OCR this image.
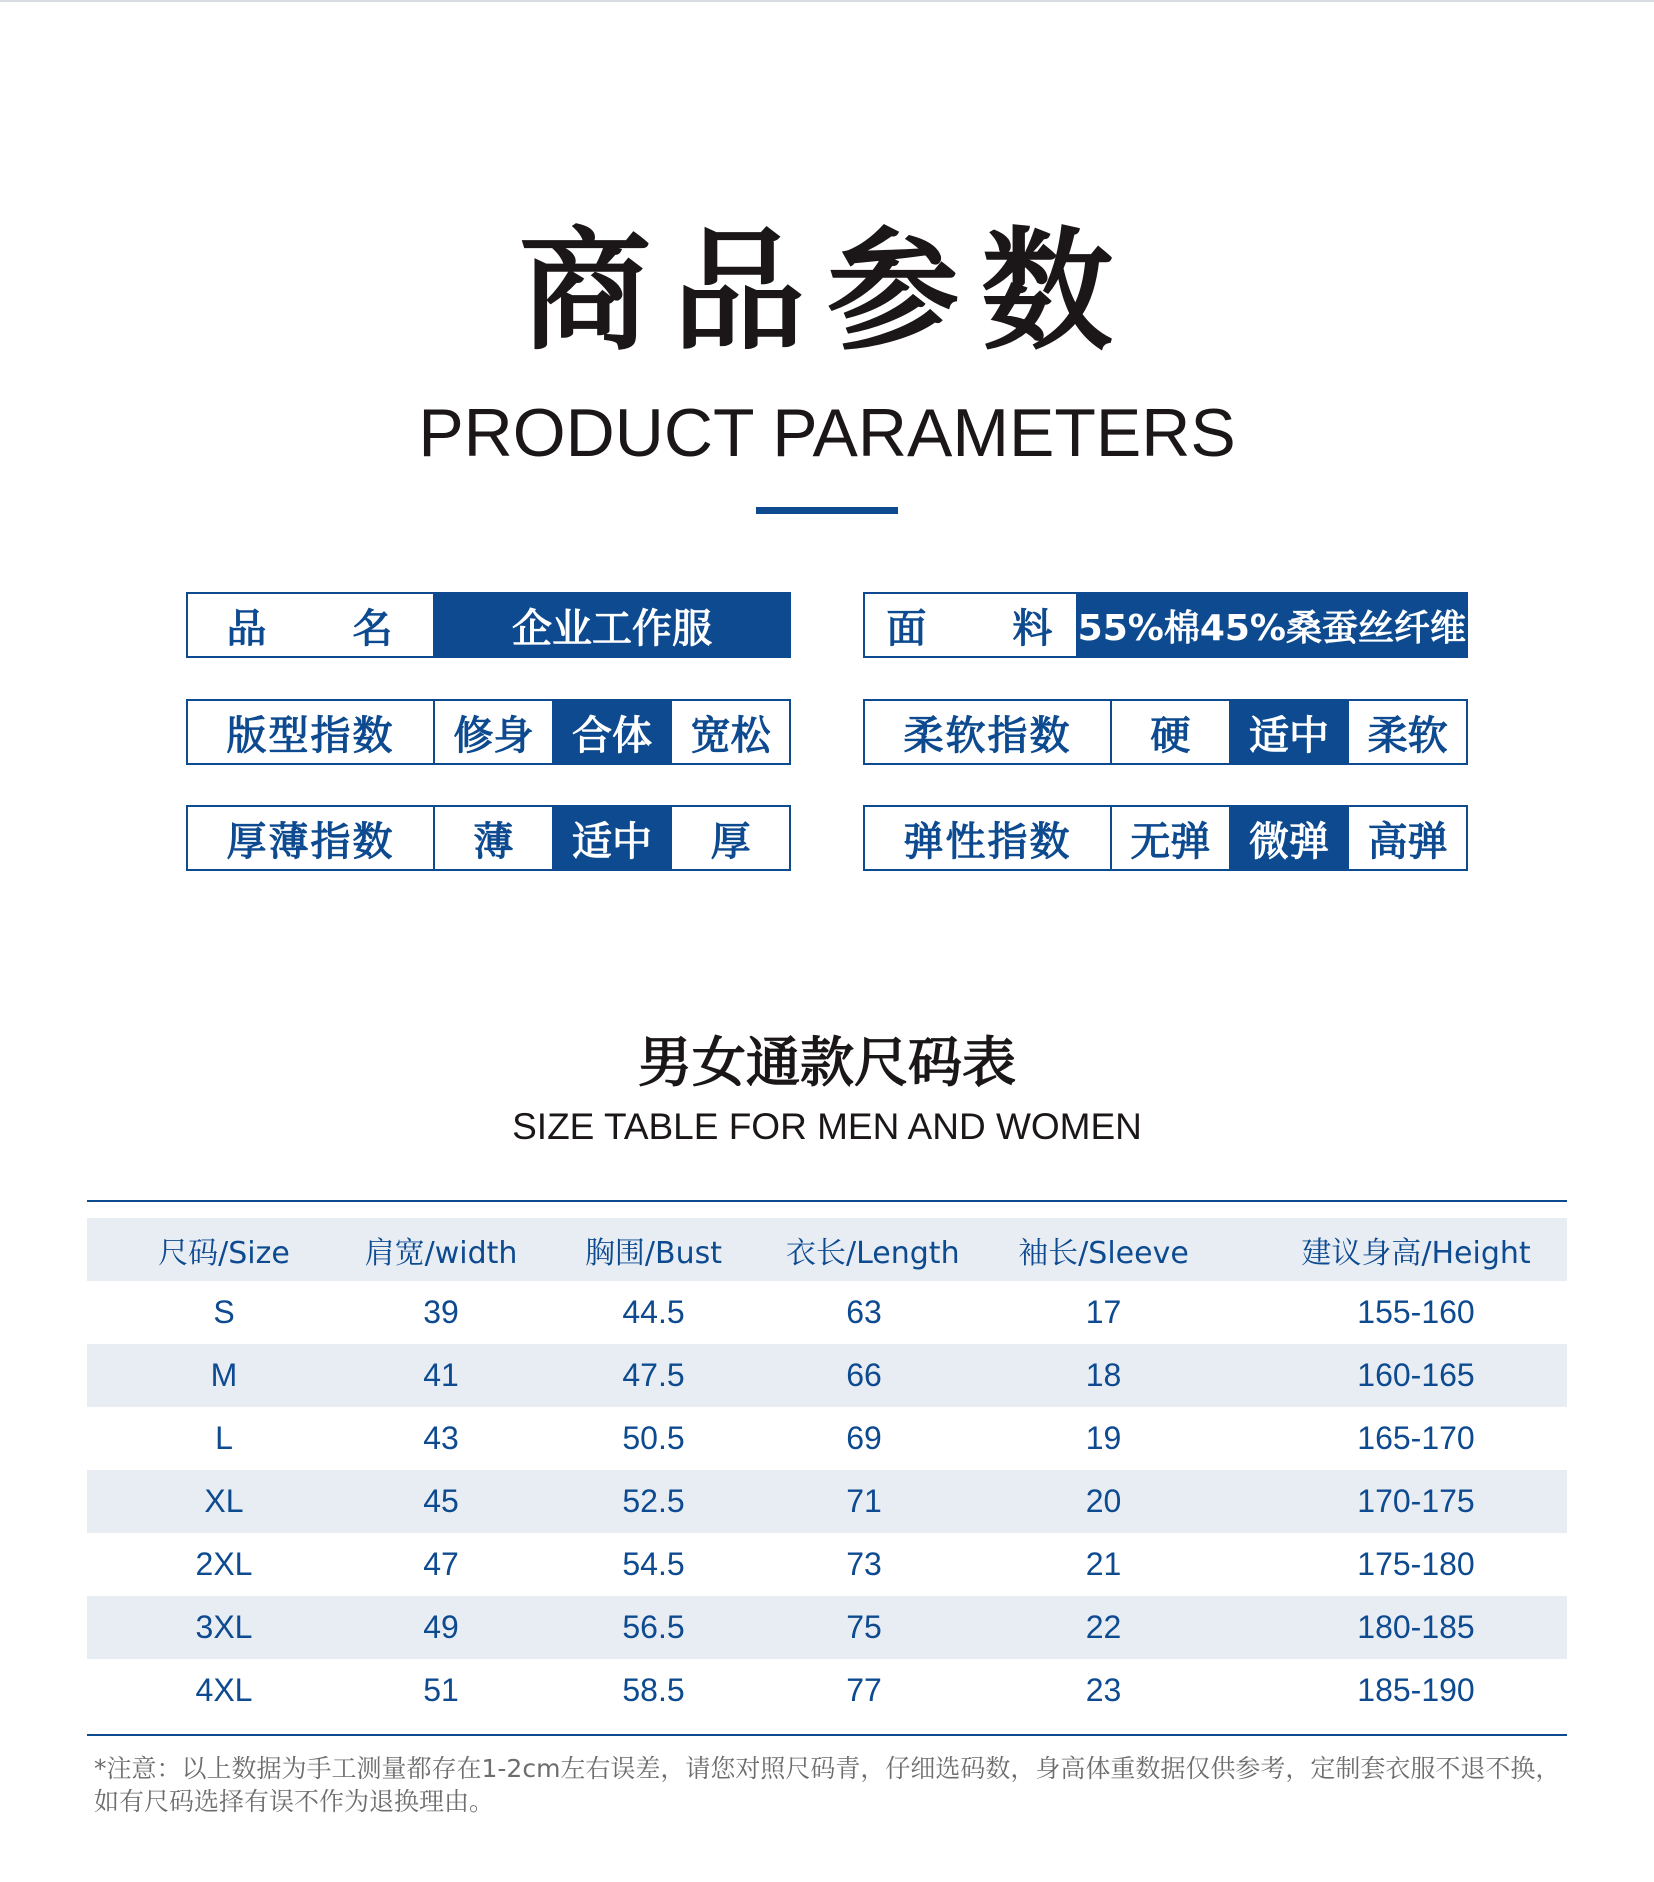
商品参数
PRODUCT PARAMETERS
品　　名	企业工作服	面　　料 55%棉45%桑蚕丝纤维
版型指数	修身 合体 宽松	柔软指数	硬	适中 柔软
厚薄指数	薄	适中	厚	弹性指数	无弹 微弹 高弹
男女通款尺码表
SIZE TABLE FOR MEN AND WOMEN
尺码/Size	肩宽/width	胸围/Bust	衣长/Length	袖长/Sleeve	建议身高/Height
S	39	44.5	63	17	155-160
M	41	47.5	66	18	160-165
L	43	50.5	69	19	165-170
XL	45	52.5	71	20	170-175
2XL	47	54.5	73	21	175-180
3XL	49	56.5	75	22	180-185
4XL	51	58.5	77	23	185-190
*注意：以上数据为手工测量都存在1-2cm左右误差，请您对照尺码青，仔细选码数，身高体重数据仅供参考，定制套衣服不退不换，如有尺码选择有误不作为退换理由。
